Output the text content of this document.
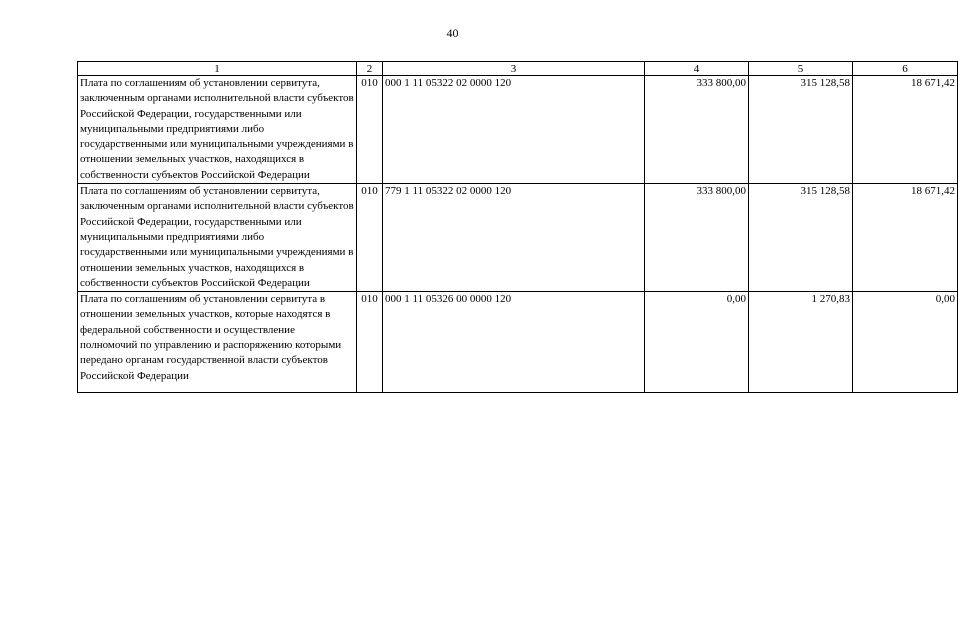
40
1	2	3	4	5	6
Плата по соглашениям об установлении сервитута, заключенным органами исполнительной власти субъектов Российской Федерации, государственными или муниципальными предприятиями либо государственными или муниципальными учреждениями в отношении земельных участков, находящихся в собственности субъектов Российской Федерации	010	000 1 11 05322 02 0000 120	333 800,00	315 128,58	18 671,42
Плата по соглашениям об установлении сервитута, заключенным органами исполнительной власти субъектов Российской Федерации, государственными или муниципальными предприятиями либо государственными или муниципальными учреждениями в отношении земельных участков, находящихся в собственности субъектов Российской Федерации	010	779 1 11 05322 02 0000 120	333 800,00	315 128,58	18 671,42
Плата по соглашениям об установлении сервитута в отношении земельных участков, которые находятся в федеральной собственности и осуществление полномочий по управлению и распоряжению которыми передано органам государственной власти субъектов Российской Федерации	010	000 1 11 05326 00 0000 120	0,00	1 270,83	0,00
